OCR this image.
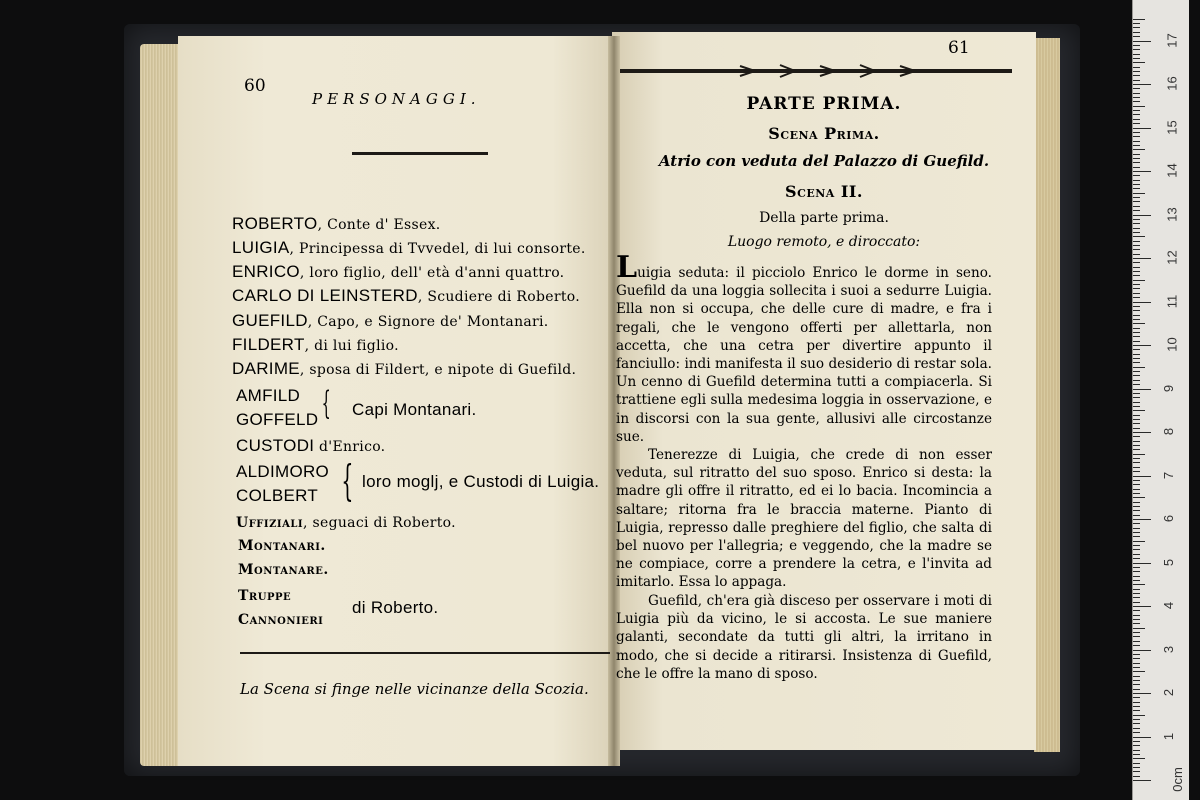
60
PERSONAGGI.

ROBERTO, Conte d' Essex.

LUIGIA, Principessa di Tvvedel, di lui consorte.

ENRICO, loro figlio, dell' età d'anni quattro.

CARLO DI LEINSTERD, Scudiere di Roberto.

GUEFILD, Capo, e Signore de' Montanari.

FILDERT, di lui figlio.

DARIME, sposa di Fildert, e nipote di Guefild.

AMFILD

GOFFELD { Capi Montanari.

CUSTODI d'Enrico.

ALDIMORO

COLBERT { loro moglj, e Custodi di Luigia.

Uffiziali, seguaci di Roberto.

Montanari.

Montanare.

Truppe

Cannonieri

di Roberto.

La Scena si finge nelle vicinanze della Scozia.
61
PARTE PRIMA.
Scena Prima.
Atrio con veduta del Palazzo di Guefild.
Scena II.
Della parte prima.
Luogo remoto, e diroccato:

Luigia seduta: il picciolo Enrico le dorme in seno. Guefild da una loggia sollecita i suoi a sedurre Luigia. Ella non si occupa, che delle cure di madre, e fra i regali, che le vengono offerti per allettarla, non accetta, che una cetra per divertire appunto il fanciullo: indi manifesta il suo desiderio di restar sola. Un cenno di Guefild determina tutti a compiacerla. Si trattiene egli sulla medesima loggia in osservazione, e in discorsi con la sua gente, allusivi alle circostanze sue.

Tenerezze di Luigia, che crede di non esser veduta, sul ritratto del suo sposo. Enrico si desta: la madre gli offre il ritratto, ed ei lo bacia. Incomincia a saltare; ritorna fra le braccia materne. Pianto di Luigia, represso dalle preghiere del figlio, che salta di bel nuovo per l'allegria; e veggendo, che la madre se ne compiace, corre a prendere la cetra, e l'invita ad imitarlo. Essa lo appaga.

Guefild, ch'era già disceso per osservare i moti di Luigia più da vicino, le si accosta. Le sue maniere galanti, secondate da tutti gli altri, la irritano in modo, che si decide a ritirarsi. Insistenza di Guefild, che le offre la mano di sposo.

0cm
1
2
3
4
5
6
7
8
9
10
11
12
13
14
15
16
17
